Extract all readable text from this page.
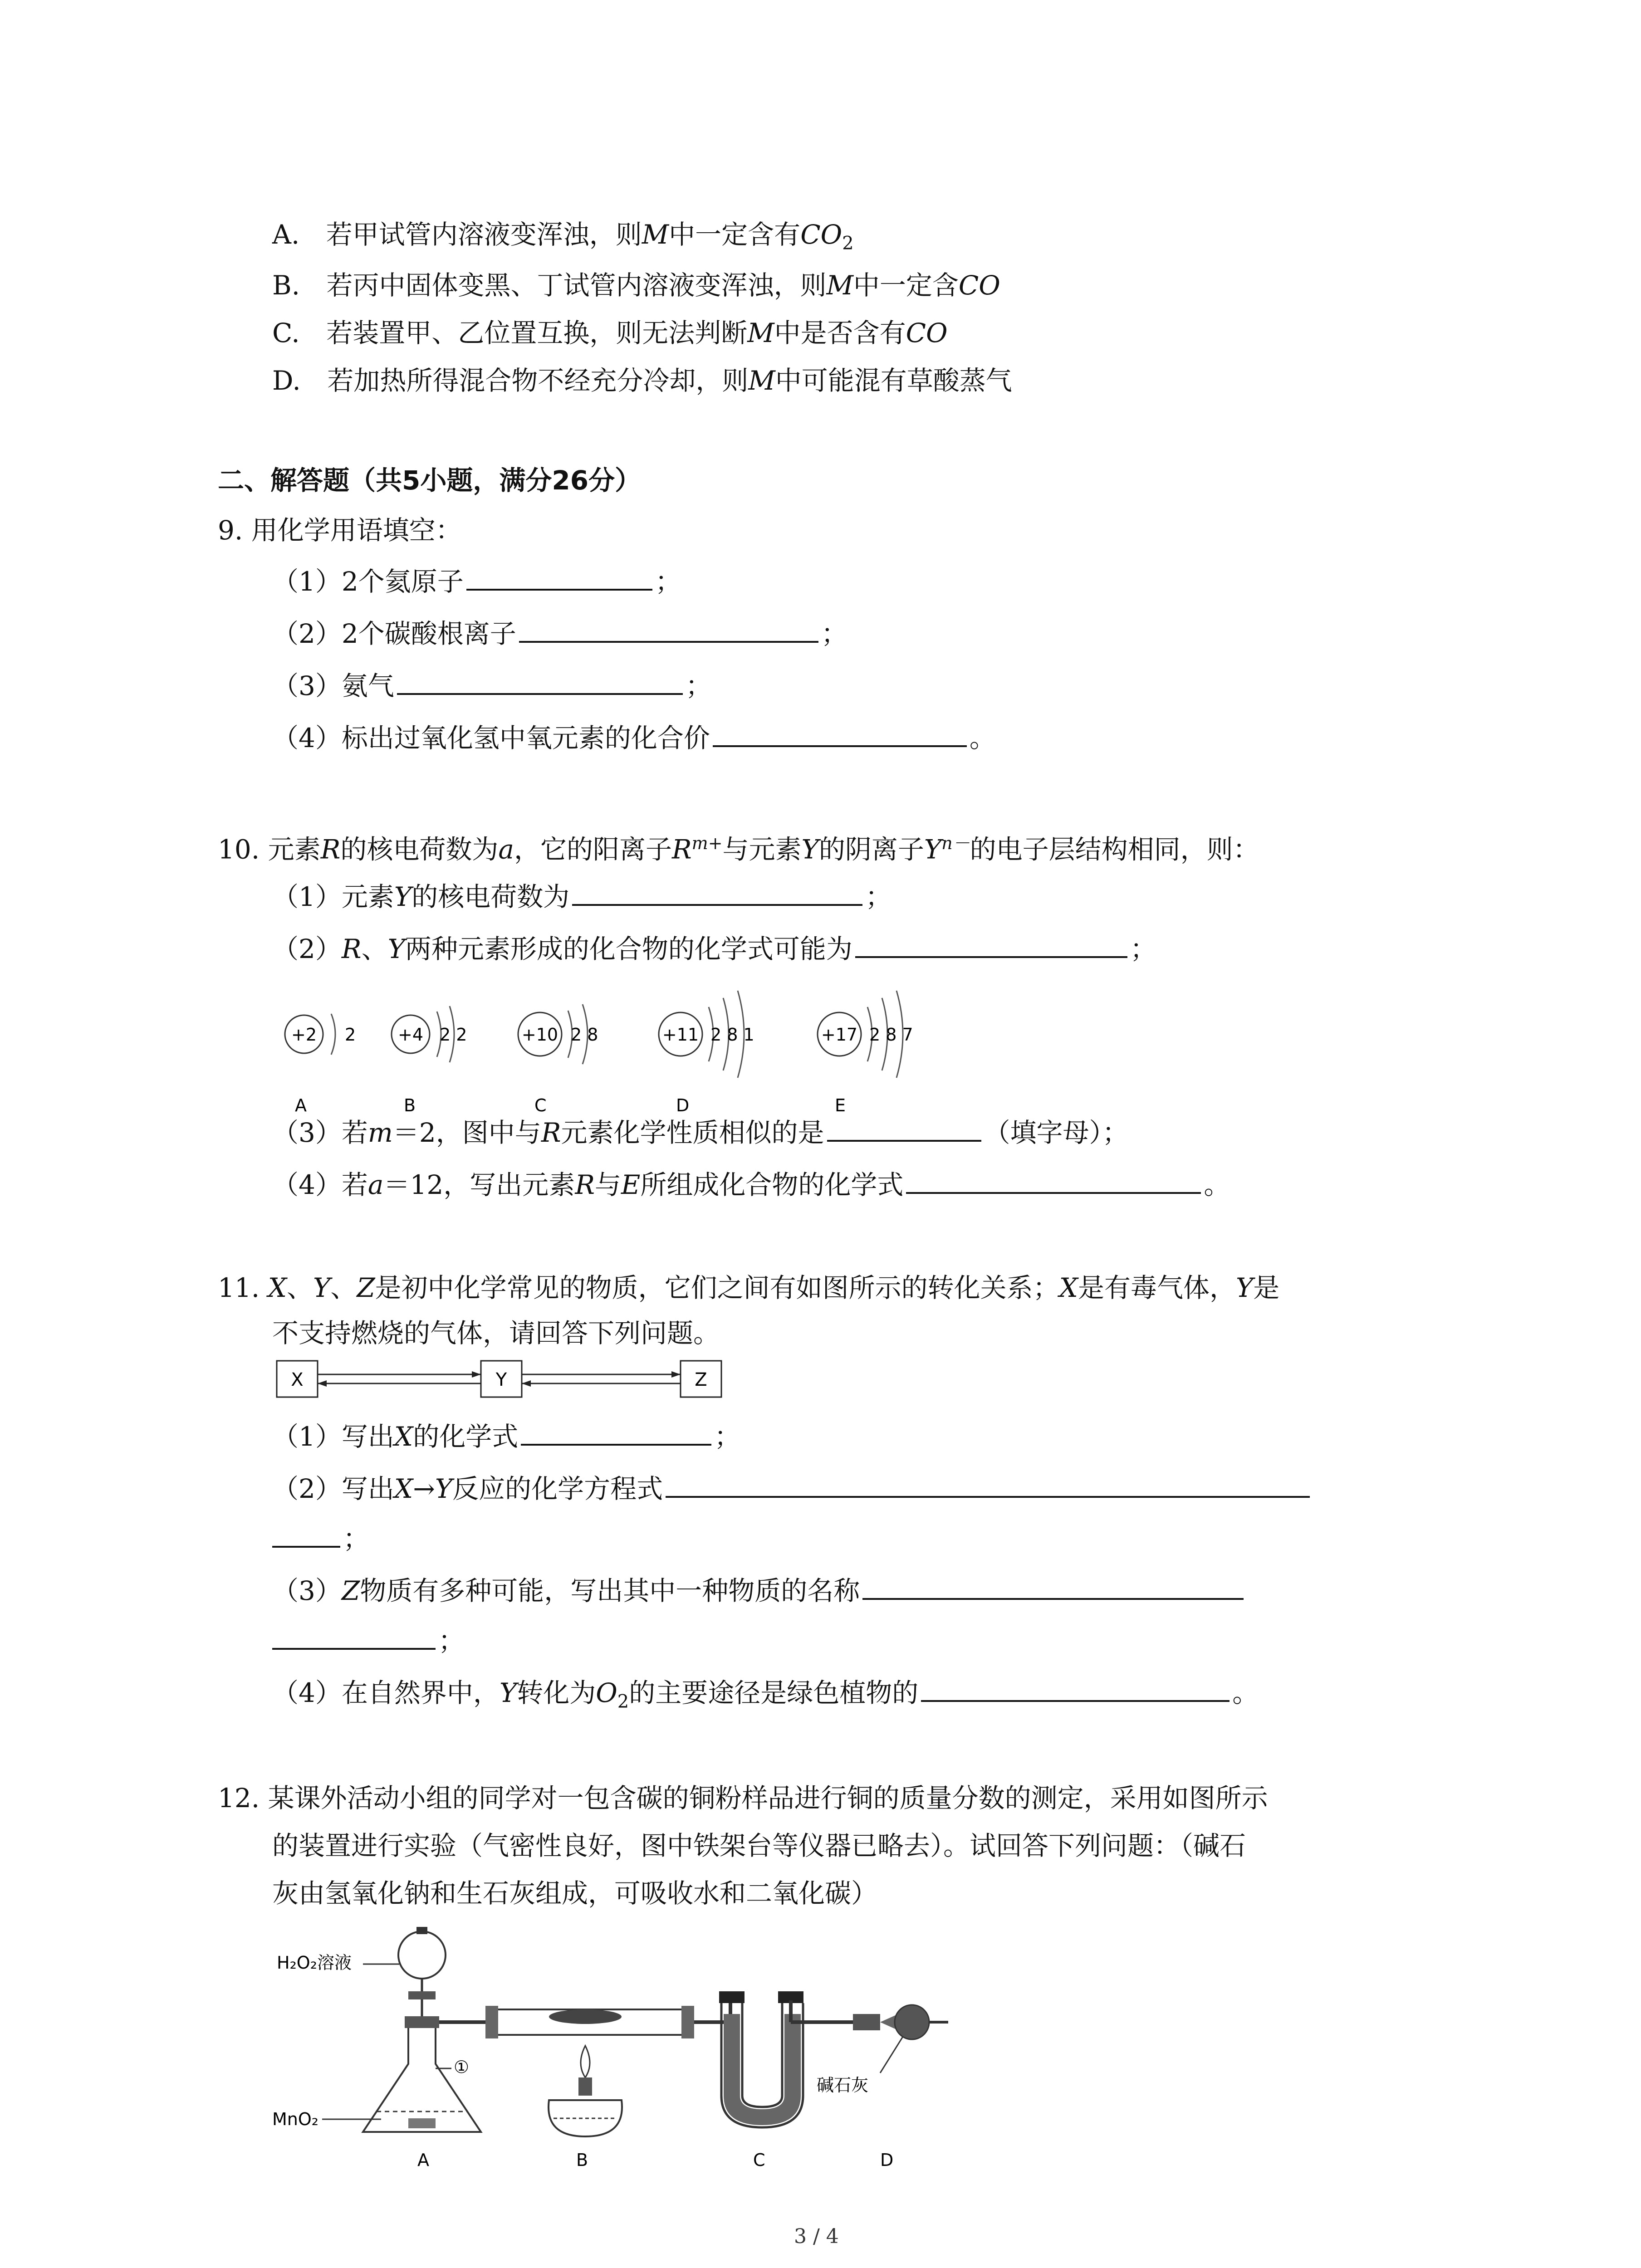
A. 若甲试管内溶液变浑浊，则M中一定含有$CO_2$
B. 若丙中固体变黑、丁试管内溶液变浑浊，则M中一定含CO
C. 若装置甲、乙位置互换，则无法判断M中是否含有CO
D. 若加热所得混合物不经充分冷却，则M中可能混有草酸蒸气
二、解答题（共5小题，满分26分）
9. 用化学用语填空：
（1）2个氦原子	；
（2）2个碳酸根离子	；
（3）氨气	；
（4）标出过氧化氢中氧元素的化合价	。
10. 元素R的核电荷数为a，它的阳离子$R^{m+}$与元素Y的阴离子$Y^{n-}$的电子层结构相同，则：
（1）元素Y的核电荷数为	；
（2）R、Y两种元素形成的化合物的化学式可能为	；
+2 2
A
+4 2 2
B
+10 2 8
C
+11 2 8 1
D
+17 2 8 7
E
（3）若m＝2，图中与R元素化学性质相似的是	（填字母）；
（4）若a＝12，写出元素R与E所组成化合物的化学式	。
11. X、Y、Z是初中化学常见的物质，它们之间有如图所示的转化关系；X是有毒气体，Y是
不支持燃烧的气体，请回答下列问题。
X	Y	Z
（1）写出X的化学式	；
（2）写出X→Y反应的化学方程式
；
（3）Z物质有多种可能，写出其中一种物质的名称
；
（4）在自然界中，Y转化为$O_2$的主要途径是绿色植物的	。
12. 某课外活动小组的同学对一包含碳的铜粉样品进行铜的质量分数的测定，采用如图所示
的装置进行实验（气密性良好，图中铁架台等仪器已略去）。试回答下列问题：（碱石
灰由氢氧化钠和生石灰组成，可吸收水和二氧化碳）
H₂O₂溶液
①
MnO₂
碱石灰
A	B	C	D
3 / 4
